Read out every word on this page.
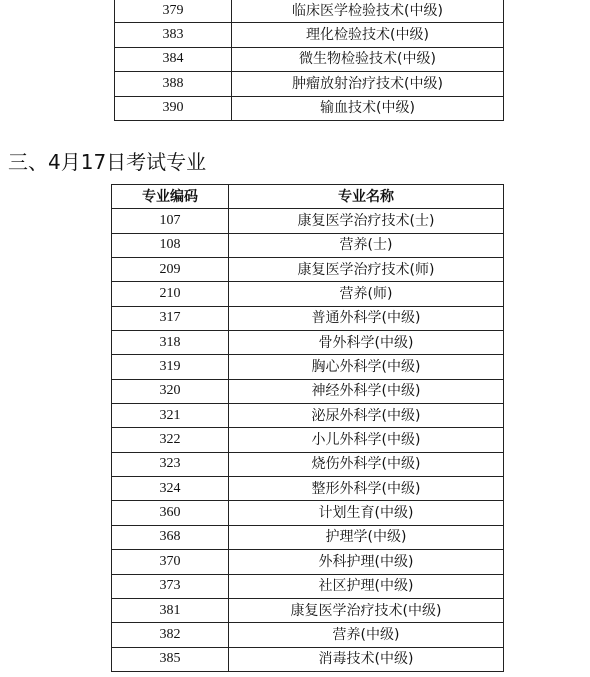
379	临床医学检验技术(中级)
383	理化检验技术(中级)
384	微生物检验技术(中级)
388	肿瘤放射治疗技术(中级)
390	输血技术(中级)
三、4月17日考试专业
专业编码	专业名称
107	康复医学治疗技术(士)
108	营养(士)
209	康复医学治疗技术(师)
210	营养(师)
317	普通外科学(中级)
318	骨外科学(中级)
319	胸心外科学(中级)
320	神经外科学(中级)
321	泌尿外科学(中级)
322	小儿外科学(中级)
323	烧伤外科学(中级)
324	整形外科学(中级)
360	计划生育(中级)
368	护理学(中级)
370	外科护理(中级)
373	社区护理(中级)
381	康复医学治疗技术(中级)
382	营养(中级)
385	消毒技术(中级)
